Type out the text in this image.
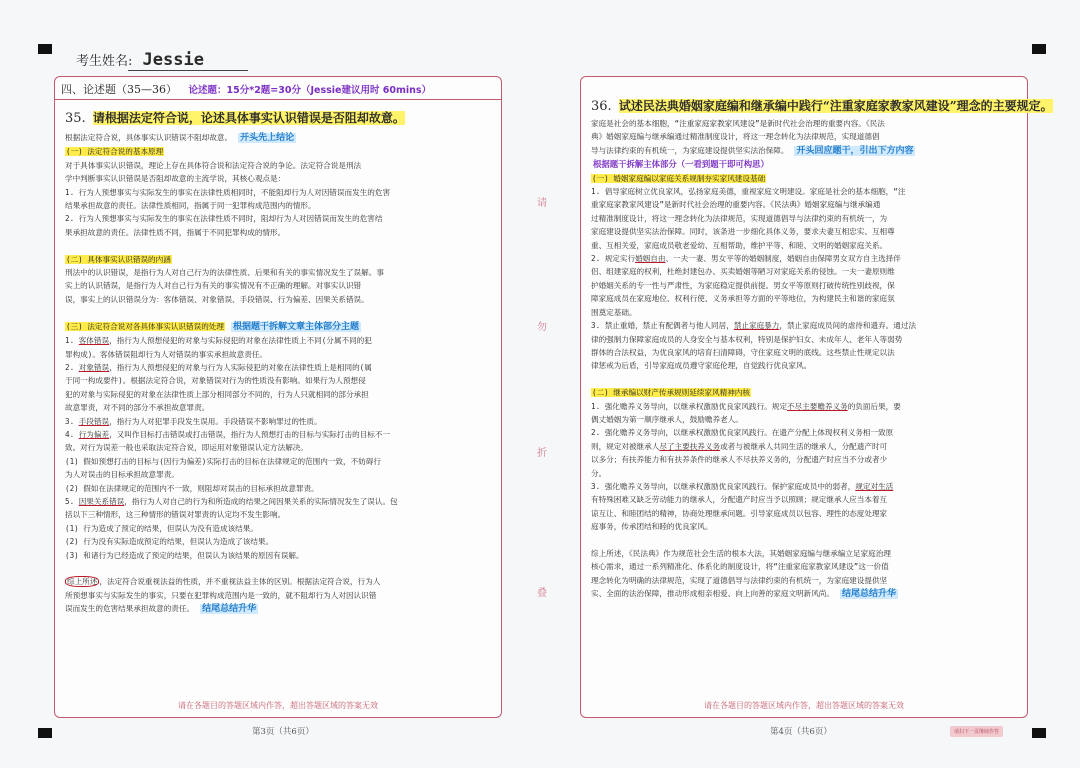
考生姓名: Jessie
四、论述题（35—36） 论述题：15分*2题=30分（Jessie建议用时 60mins）
35. 请根据法定符合说，论述具体事实认识错误是否阻却故意。
根据法定符合说，具体事实认识错误不阻却故意。 开头先上结论
(一) 法定符合说的基本原理
对于具体事实认识错误，理论上存在具体符合说和法定符合说的争论。法定符合说是刑法
学中判断事实认识错误是否阻却故意的主流学说，其核心观点是：
1. 行为人预想事实与实际发生的事实在法律性质相同时，不能阻却行为人对因错误而发生的危害
结果承担故意的责任。法律性质相同，指属于同一犯罪构成范围内的情形。
2. 行为人预想事实与实际发生的事实在法律性质不同时，阻却行为人对因错误而发生的危害结
果承担故意的责任。法律性质不同，指属于不同犯罪构成的情形。

(二) 具体事实认识错误的内涵
刑法中的认识错误，是指行为人对自己行为的法律性质、后果和有关的事实情况发生了误解。事
实上的认识错误，是指行为人对自己行为有关的事实情况有不正确的理解。对事实认识错
误，事实上的认识错误分为：客体错误、对象错误、手段错误、行为偏差、因果关系错误。

(三) 法定符合说对各具体事实认识错误的处理 根据题干拆解文章主体部分主题
1. 客体错误，指行为人预想侵犯的对象与实际侵犯的对象在法律性质上不同(分属不同的犯
罪构成)。客体错误阻却行为人对错误的事实承担故意责任。
2. 对象错误，指行为人预想侵犯的对象与行为人实际侵犯的对象在法律性质上是相同的(属
于同一构成要件)。根据法定符合说，对象错误对行为的性质没有影响。如果行为人预想侵
犯的对象与实际侵犯的对象在法律性质上部分相同部分不同的，行为人只就相同的部分承担
故意罪责，对不同的部分不承担故意罪责。
3. 手段错误，指行为人对犯罪手段发生误用。手段错误不影响罪过的性质。
4. 行为偏差，又叫作目标打击错误或打击错误，指行为人预想打击的目标与实际打击的目标不一
致。对行为误差一般也采取法定符合说，即运用对象错误认定方法解决。
(1) 假如预想打击的目标与(因行为偏差)实际打击的目标在法律规定的范围内一致，不妨碍行
为人对误击的目标承担故意罪责。
(2) 假如在法律规定的范围内不一致，则阻却对误击的目标承担故意罪责。
5. 因果关系错误，指行为人对自己的行为和所造成的结果之间因果关系的实际情况发生了误认。包
括以下三种情形，这三种情形的错误对罪责的认定均不发生影响。
(1) 行为造成了预定的结果，但误认为没有造成该结果。
(2) 行为没有实际造成预定的结果，但误认为造成了该结果。
(3) 和诸行为已经造成了预定的结果，但误认为该结果的原因有误解。

综上所述 ，法定符合说重视法益的性质，并不重视法益主体的区别。根据法定符合说，行为人
所预想事实与实际发生的事实，只要在犯罪构成范围内是一致的，就不阻却行为人对因认识错
误而发生的危害结果承担故意的责任。 结尾总结升华
请在各题目的答题区域内作答，超出答题区域的答案无效
第3页（共6页）
36. 试述民法典婚姻家庭编和继承编中践行“注重家庭家教家风建设”理念的主要规定。
家庭是社会的基本细胞，“注重家庭家教家风建设”是新时代社会治理的重要内容。《民法
典》婚姻家庭编与继承编通过精准制度设计，将这一理念转化为法律规范，实现道德倡
导与法律约束的有机统一，为家庭建设提供坚实法治保障。 开头回应题干，引出下方内容
根据题干拆解主体部分（一看到题干即可构思）
(一) 婚姻家庭编以家庭关系规制夯实家风建设基础
1. 倡导家庭树立优良家风，弘扬家庭美德，重视家庭文明建设。家庭是社会的基本细胞，“注
重家庭家教家风建设”是新时代社会治理的重要内容。《民法典》婚姻家庭编与继承编通
过精准制度设计，将这一理念转化为法律规范，实现道德倡导与法律约束的有机统一，为
家庭建设提供坚实法治保障。同时，该条进一步细化具体义务，要求夫妻互相忠实、互相尊
重、互相关爱，家庭成员敬老爱幼、互相帮助，维护平等、和睦、文明的婚姻家庭关系。
2. 规定实行婚姻自由、一夫一妻、男女平等的婚姻制度，婚姻自由保障男女双方自主选择伴
侣、组建家庭的权利，杜绝封建包办、买卖婚姻等陋习对家庭关系的侵蚀。一夫一妻原则维
护婚姻关系的专一性与严肃性，为家庭稳定提供前提。男女平等原则打破传统性别歧视，保
障家庭成员在家庭地位、权利行使、义务承担等方面的平等地位，为构建民主和谐的家庭氛
围奠定基础。
3. 禁止重婚，禁止有配偶者与他人同居，禁止家庭暴力，禁止家庭成员间的虐待和遗弃。通过法
律的强制力保障家庭成员的人身安全与基本权利，特别是保护妇女、未成年人、老年人等弱势
群体的合法权益，为优良家风的培育扫清障碍，守住家庭文明的底线。这些禁止性规定以法
律惩戒为后盾，引导家庭成员遵守家庭伦理，自觉践行优良家风。

(二) 继承编以财产传承规则延续家风精神内核
1. 强化赡养义务导向，以继承权激励优良家风践行。规定不尽主要赡养义务的负面后果，要
偶丈婚姻为第一顺序继承人，鼓励赡养老人。
2. 强化赡养义务导向，以继承权激励优良家风践行。在遗产分配上体现权利义务相一致原
则，规定对被继承人尽了主要扶养义务或者与被继承人共同生活的继承人，分配遗产时可
以多分；有扶养能力和有扶养条件的继承人不尽扶养义务的，分配遗产时应当不分或者少
分。
3. 强化赡养义务导向，以继承权激励优良家风践行。保护家庭成员中的弱者，规定对生活
有特殊困难又缺乏劳动能力的继承人，分配遗产时应当予以照顾；规定继承人应当本着互
谅互让、和睦团结的精神，协商处理继承问题。引导家庭成员以包容、理性的态度处理家
庭事务，传承团结和睦的优良家风。

综上所述，《民法典》作为规范社会生活的根本大法，其婚姻家庭编与继承编立足家庭治理
核心需求，通过一系列精准化、体系化的制度设计，将“注重家庭家教家风建设”这一价值
理念转化为明确的法律规范，实现了道德倡导与法律约束的有机统一，为家庭建设提供坚
实、全面的法治保障，推动形成相亲相爱、向上向善的家庭文明新风尚。 结尾总结升华
请在各题目的答题区域内作答，超出答题区域的答案无效
第4页（共6页）	请扫下一页继续作答
请
勿
折
叠
